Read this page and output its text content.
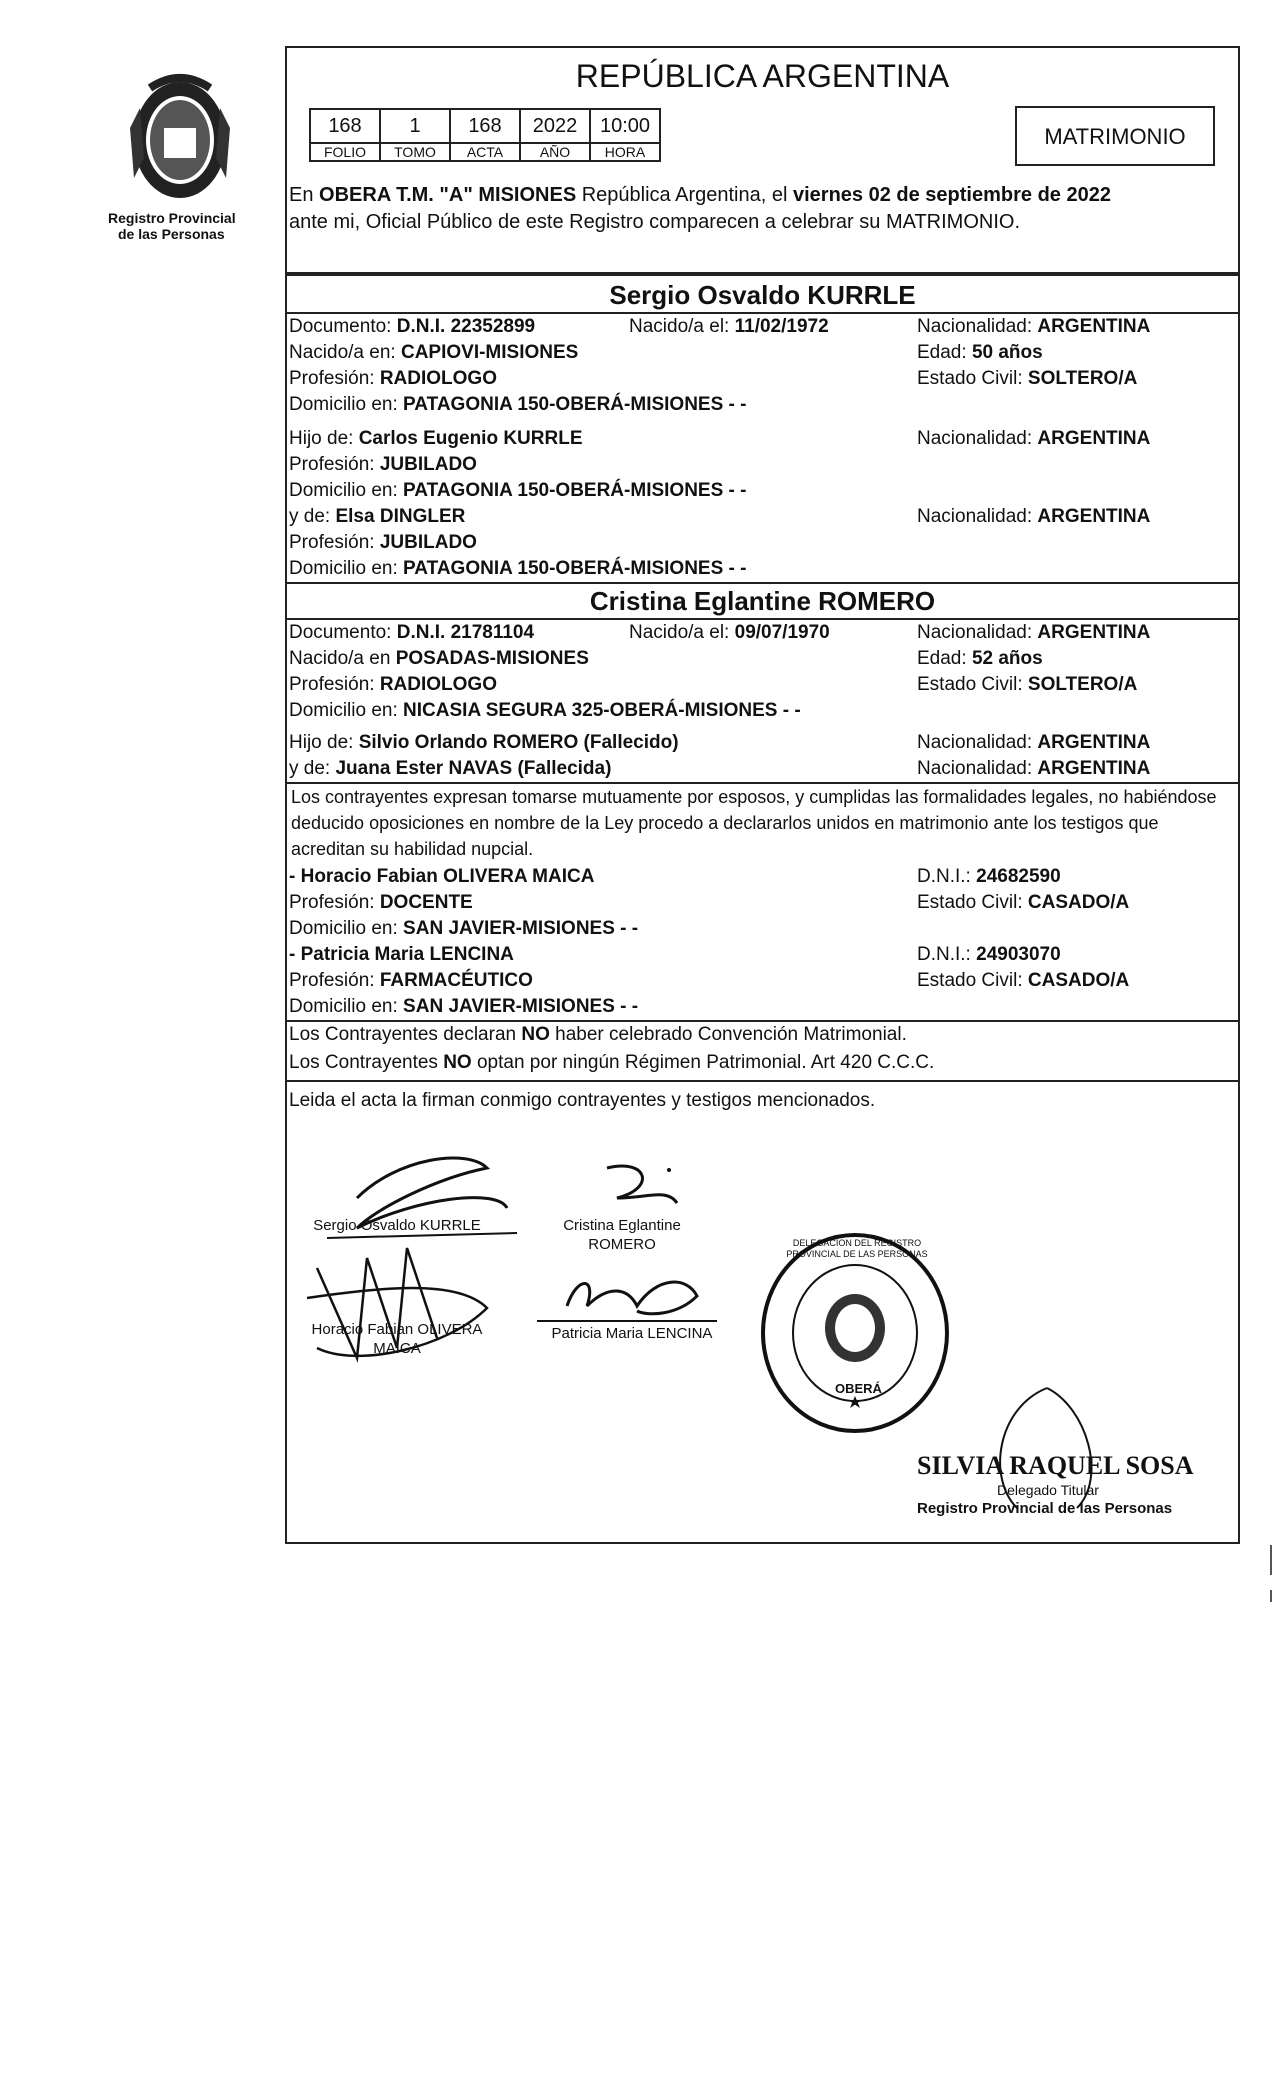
Registro Provincial
de las Personas
REPÚBLICA ARGENTINA
168	1	168	2022	10:00
FOLIO	TOMO	ACTA	AÑO	HORA
MATRIMONIO
En OBERA T.M. "A" MISIONES República Argentina, el viernes 02 de septiembre de 2022
ante mi, Oficial Público de este Registro comparecen a celebrar su MATRIMONIO.
Sergio Osvaldo KURRLE
Documento: D.N.I. 22352899	Nacido/a el: 11/02/1972	Nacionalidad: ARGENTINA
Nacido/a en: CAPIOVI-MISIONES	Edad: 50 años
Profesión: RADIOLOGO	Estado Civil: SOLTERO/A
Domicilio en: PATAGONIA 150-OBERÁ-MISIONES - -
Hijo de: Carlos Eugenio KURRLE	Nacionalidad: ARGENTINA
Profesión: JUBILADO
Domicilio en: PATAGONIA 150-OBERÁ-MISIONES - -
y de: Elsa DINGLER	Nacionalidad: ARGENTINA
Profesión: JUBILADO
Domicilio en: PATAGONIA 150-OBERÁ-MISIONES - -
Cristina Eglantine ROMERO
Documento: D.N.I. 21781104	Nacido/a el: 09/07/1970	Nacionalidad: ARGENTINA
Nacido/a en POSADAS-MISIONES	Edad: 52 años
Profesión: RADIOLOGO	Estado Civil: SOLTERO/A
Domicilio en: NICASIA SEGURA 325-OBERÁ-MISIONES - -
Hijo de: Silvio Orlando ROMERO (Fallecido)	Nacionalidad: ARGENTINA
y de: Juana Ester NAVAS (Fallecida)	Nacionalidad: ARGENTINA
Los contrayentes expresan tomarse mutuamente por esposos, y cumplidas las formalidades legales, no habiéndose deducido oposiciones en nombre de la Ley procedo a declararlos unidos en matrimonio ante los testigos que acreditan su habilidad nupcial.
- Horacio Fabian OLIVERA MAICA	D.N.I.: 24682590
Profesión: DOCENTE	Estado Civil: CASADO/A
Domicilio en: SAN JAVIER-MISIONES - -
- Patricia Maria LENCINA	D.N.I.: 24903070
Profesión: FARMACÉUTICO	Estado Civil: CASADO/A
Domicilio en: SAN JAVIER-MISIONES - -
Los Contrayentes declaran NO haber celebrado Convención Matrimonial.
Los Contrayentes NO optan por ningún Régimen Patrimonial. Art 420 C.C.C.
Leida el acta la firman conmigo contrayentes y testigos mencionados.
Sergio Osvaldo KURRLE	Cristina Eglantine
ROMERO
Horacio Fabian OLIVERA
MAICA
Patricia Maria LENCINA
OBERÁ
DELEGACION DEL REGISTRO PROVINCIAL DE LAS PERSONAS
SILVIA RAQUEL SOSA
Delegado Titular
Registro Provincial de las Personas
